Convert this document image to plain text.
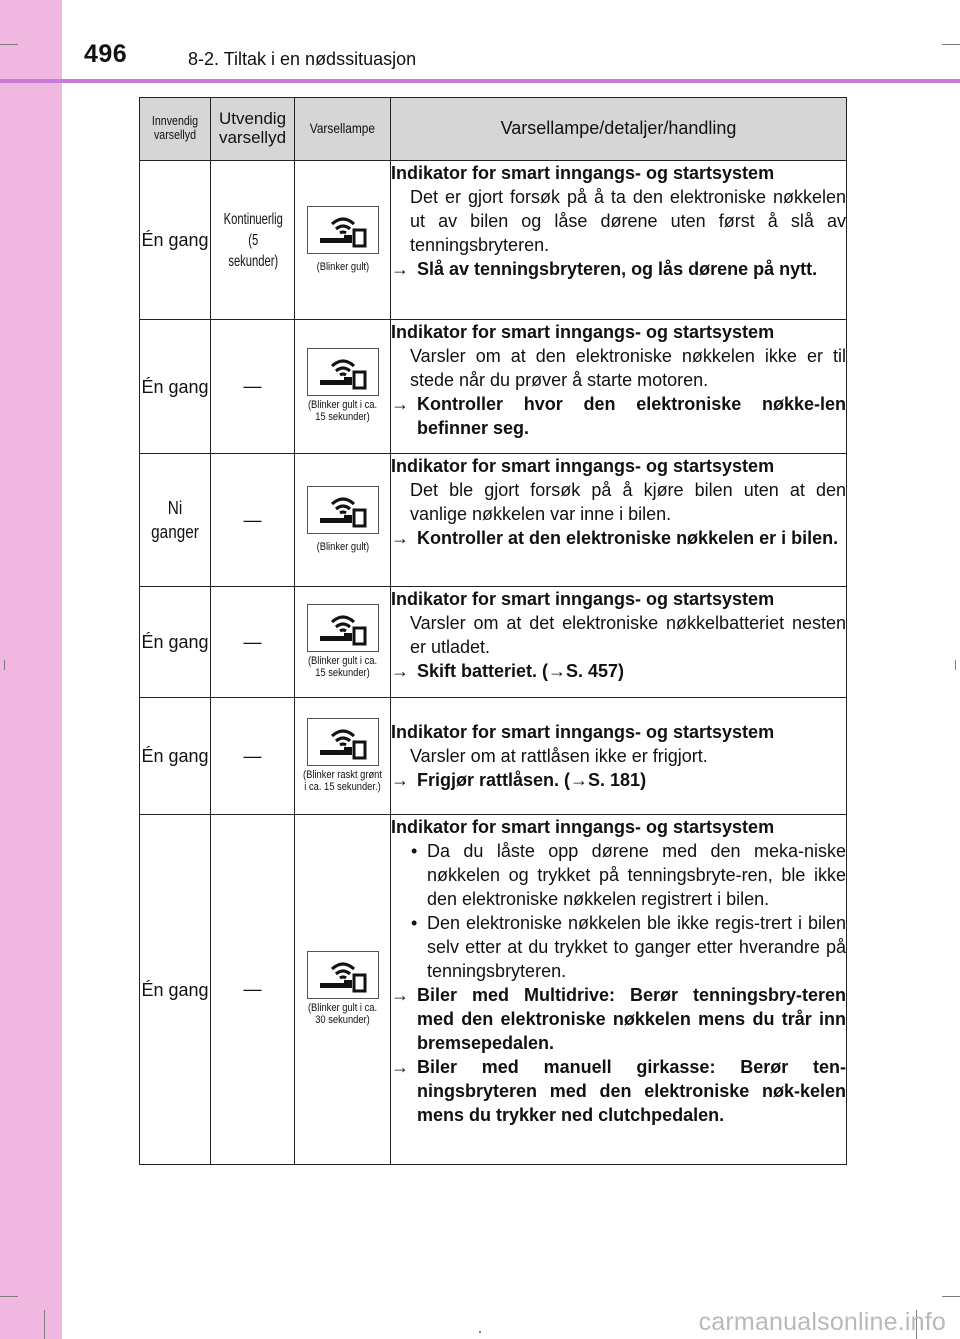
496	8-2. Tiltak i en nødssituasjon
Innvendig varsellyd	Utvendig varsellyd	Varsellampe	Varsellampe/detaljer/handling
Én gang	Kontinuerlig (5 sekunder)	(Blinker gult)	Indikator for smart inngangs- og startsystem
Det er gjort forsøk på å ta den elektroniske nøkkelen ut av bilen og låse dørene uten først å slå av tenningsbryteren.
→ Slå av tenningsbryteren, og lås dørene på nytt.

Én gang	—	(Blinker gult i ca. 15 sekunder)	Indikator for smart inngangs- og startsystem
Varsler om at den elektroniske nøkkelen ikke er til stede når du prøver å starte motoren.
→ Kontroller hvor den elektroniske nøkke-len befinner seg.

Ni ganger	—	(Blinker gult)	Indikator for smart inngangs- og startsystem
Det ble gjort forsøk på å kjøre bilen uten at den vanlige nøkkelen var inne i bilen.
→ Kontroller at den elektroniske nøkkelen er i bilen.

Én gang	—	(Blinker gult i ca. 15 sekunder)	Indikator for smart inngangs- og startsystem
Varsler om at det elektroniske nøkkelbatteriet nesten er utladet.
→ Skift batteriet. (→S. 457)

Én gang	—	(Blinker raskt grønt i ca. 15 sekunder.)	Indikator for smart inngangs- og startsystem
Varsler om at rattlåsen ikke er frigjort.
→ Frigjør rattlåsen. (→S. 181)

Én gang	—	(Blinker gult i ca. 30 sekunder)	Indikator for smart inngangs- og startsystem
• Da du låste opp dørene med den meka-niske nøkkelen og trykket på tenningsbryte-ren, ble ikke den elektroniske nøkkelen registrert i bilen.
• Den elektroniske nøkkelen ble ikke regis-trert i bilen selv etter at du trykket to ganger etter hverandre på tenningsbryteren.
→ Biler med Multidrive: Berør tenningsbry-teren med den elektroniske nøkkelen mens du trår inn bremsepedalen.
→ Biler med manuell girkasse: Berør ten-ningsbryteren med den elektroniske nøk-kelen mens du trykker ned clutchpedalen.
carmanualsonline.info
